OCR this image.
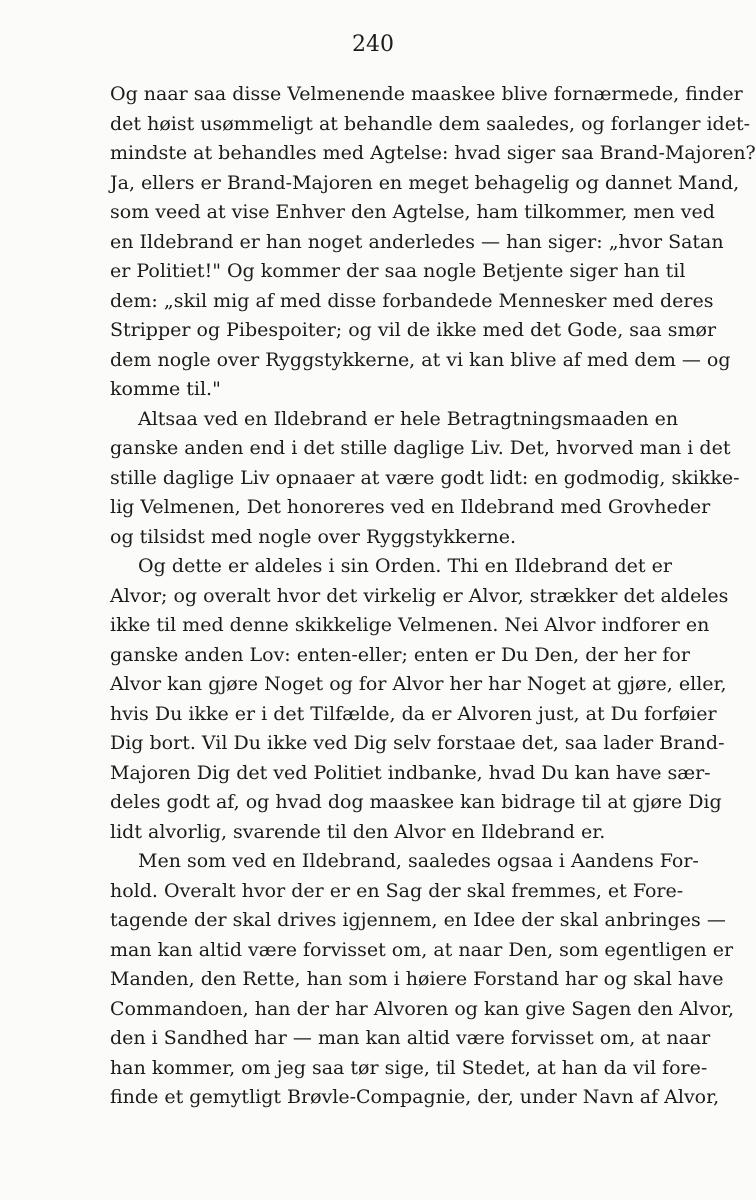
240
Og naar saa disse Velmenende maaskee blive fornærmede, finder
det høist usømmeligt at behandle dem saaledes, og forlanger idet-
mindste at behandles med Agtelse: hvad siger saa Brand-Majoren?
Ja, ellers er Brand-Majoren en meget behagelig og dannet Mand,
som veed at vise Enhver den Agtelse, ham tilkommer, men ved
en Ildebrand er han noget anderledes — han siger: „hvor Satan
er Politiet!" Og kommer der saa nogle Betjente siger han til
dem: „skil mig af med disse forbandede Mennesker med deres
Stripper og Pibespoiter; og vil de ikke med det Gode, saa smør
dem nogle over Ryggstykkerne, at vi kan blive af med dem — og
komme til."
Altsaa ved en Ildebrand er hele Betragtningsmaaden en
ganske anden end i det stille daglige Liv. Det, hvorved man i det
stille daglige Liv opnaaer at være godt lidt: en godmodig, skikke-
lig Velmenen, Det honoreres ved en Ildebrand med Grovheder
og tilsidst med nogle over Ryggstykkerne.
Og dette er aldeles i sin Orden. Thi en Ildebrand det er
Alvor; og overalt hvor det virkelig er Alvor, strækker det aldeles
ikke til med denne skikkelige Velmenen. Nei Alvor indforer en
ganske anden Lov: enten-eller; enten er Du Den, der her for
Alvor kan gjøre Noget og for Alvor her har Noget at gjøre, eller,
hvis Du ikke er i det Tilfælde, da er Alvoren just, at Du forføier
Dig bort. Vil Du ikke ved Dig selv forstaae det, saa lader Brand-
Majoren Dig det ved Politiet indbanke, hvad Du kan have sær-
deles godt af, og hvad dog maaskee kan bidrage til at gjøre Dig
lidt alvorlig, svarende til den Alvor en Ildebrand er.
Men som ved en Ildebrand, saaledes ogsaa i Aandens For-
hold. Overalt hvor der er en Sag der skal fremmes, et Fore-
tagende der skal drives igjennem, en Idee der skal anbringes —
man kan altid være forvisset om, at naar Den, som egentligen er
Manden, den Rette, han som i høiere Forstand har og skal have
Commandoen, han der har Alvoren og kan give Sagen den Alvor,
den i Sandhed har — man kan altid være forvisset om, at naar
han kommer, om jeg saa tør sige, til Stedet, at han da vil fore-
finde et gemytligt Brøvle-Compagnie, der, under Navn af Alvor,
